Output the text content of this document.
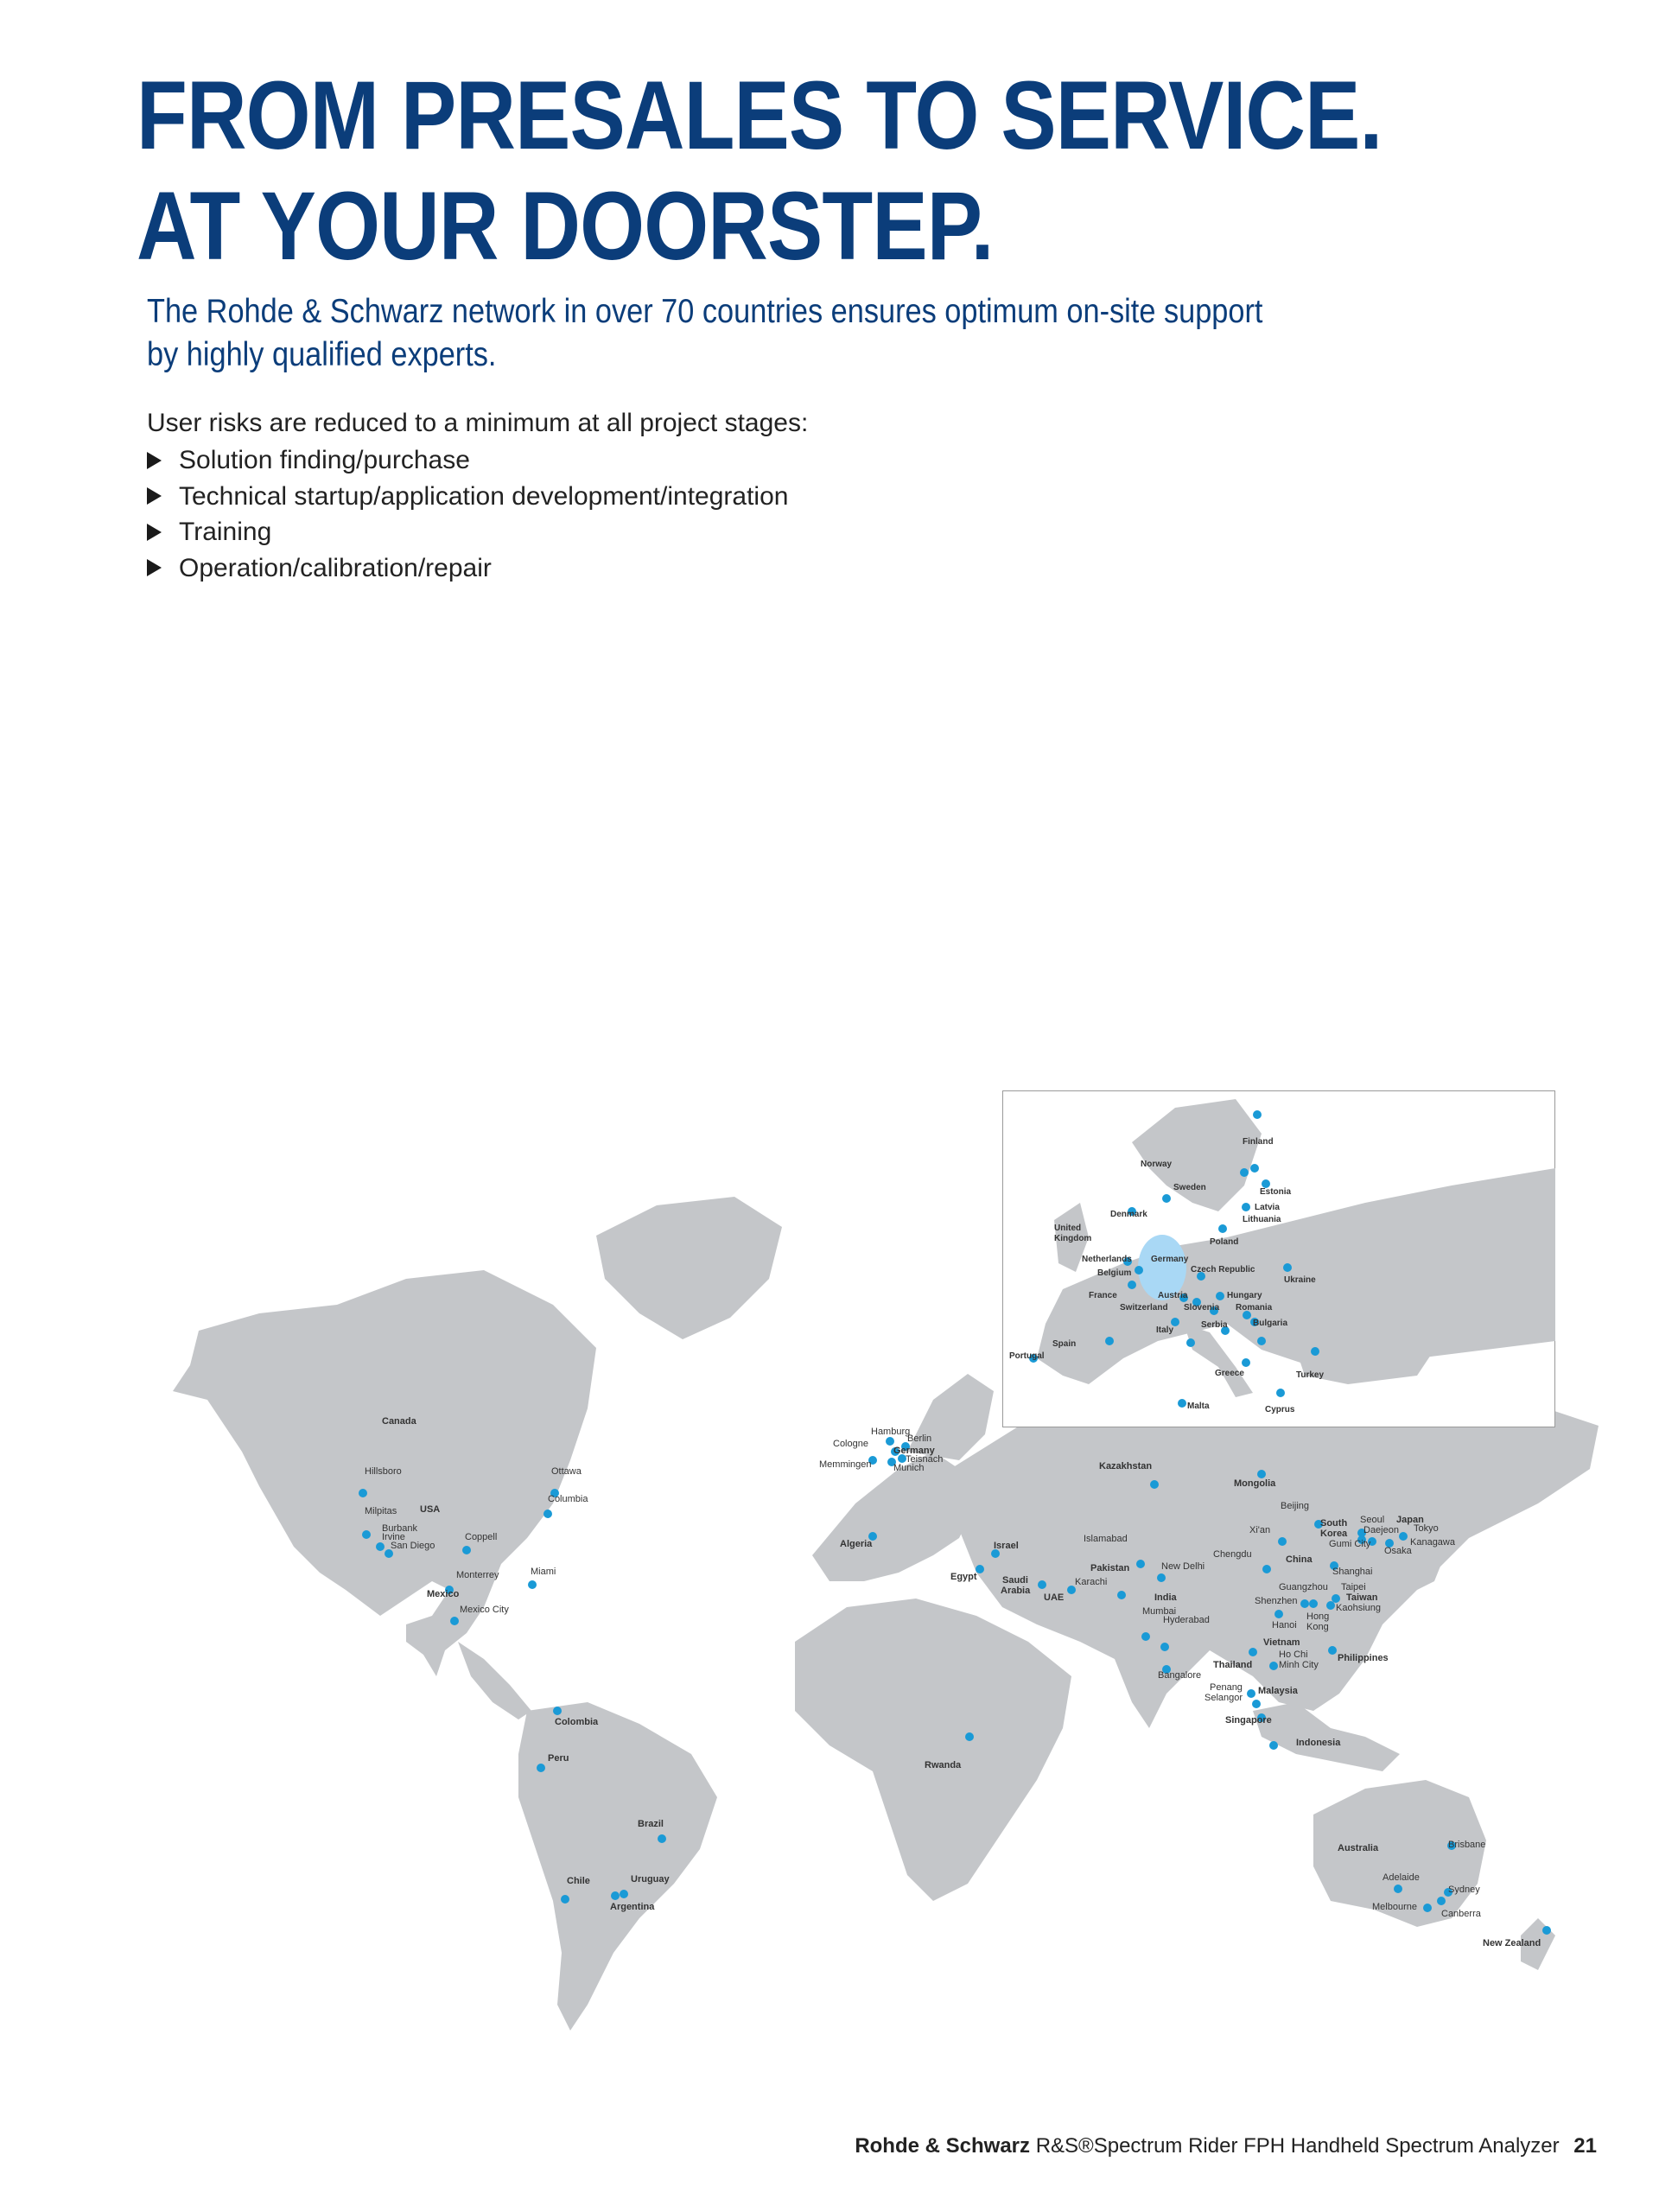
FROM PRESALES TO SERVICE.
AT YOUR DOORSTEP.

The Rohde & Schwarz network in over 70 countries ensures optimum on-site support by highly qualified experts.

User risks are reduced to a minimum at all project stages:

Solution finding/purchase
Technical startup/application development/integration
Training
Operation/calibration/repair
Canada
USA
Hillsboro
Milpitas
Burbank
Irvine
San Diego
Ottawa
Columbia
Coppell
Miami
Monterrey
Mexico
Mexico City
Colombia
Peru
Brazil
Chile	Uruguay
Argentina
Hamburg
Berlin
Cologne
Germany
Teisnach
Memmingen Munich
Algeria	Israel
Egypt	Saudi
Arabia
UAE
Rwanda
Kazakhstan
Islamabad
Karachi
Pakistan	New Delhi
India
Mumbai
Hyderabad
Bangalore
Mongolia
Beijing
Xi'an
Chengdu	China
Shanghai
Guangzhou
Shenzhen
Hanoi
Hong
Kong
Taipei
Taiwan
Kaohsiung
South
Korea
Seoul
Daejeon
Gumi City
Japan
Tokyo
Kanagawa
Osaka
Vietnam
Ho Chi
Minh City
Thailand
Philippines
Penang
Selangor
Malaysia
Singapore
Indonesia
Australia	Brisbane
Adelaide
Sydney
Melbourne
Canberra
New Zealand
Finland
Norway
Sweden	Estonia
Latvia
Lithuania
Denmark
United
Kingdom	Poland
Netherlands Germany
Belgium	Czech Republic
Ukraine
France	Austria	Hungary
Switzerland Slovenia Romania
Serbia	Bulgaria
Italy
Spain
Portugal
Greece	Turkey
Malta	Cyprus
Rohde & Schwarz R&S®Spectrum Rider FPH Handheld Spectrum Analyzer 21
